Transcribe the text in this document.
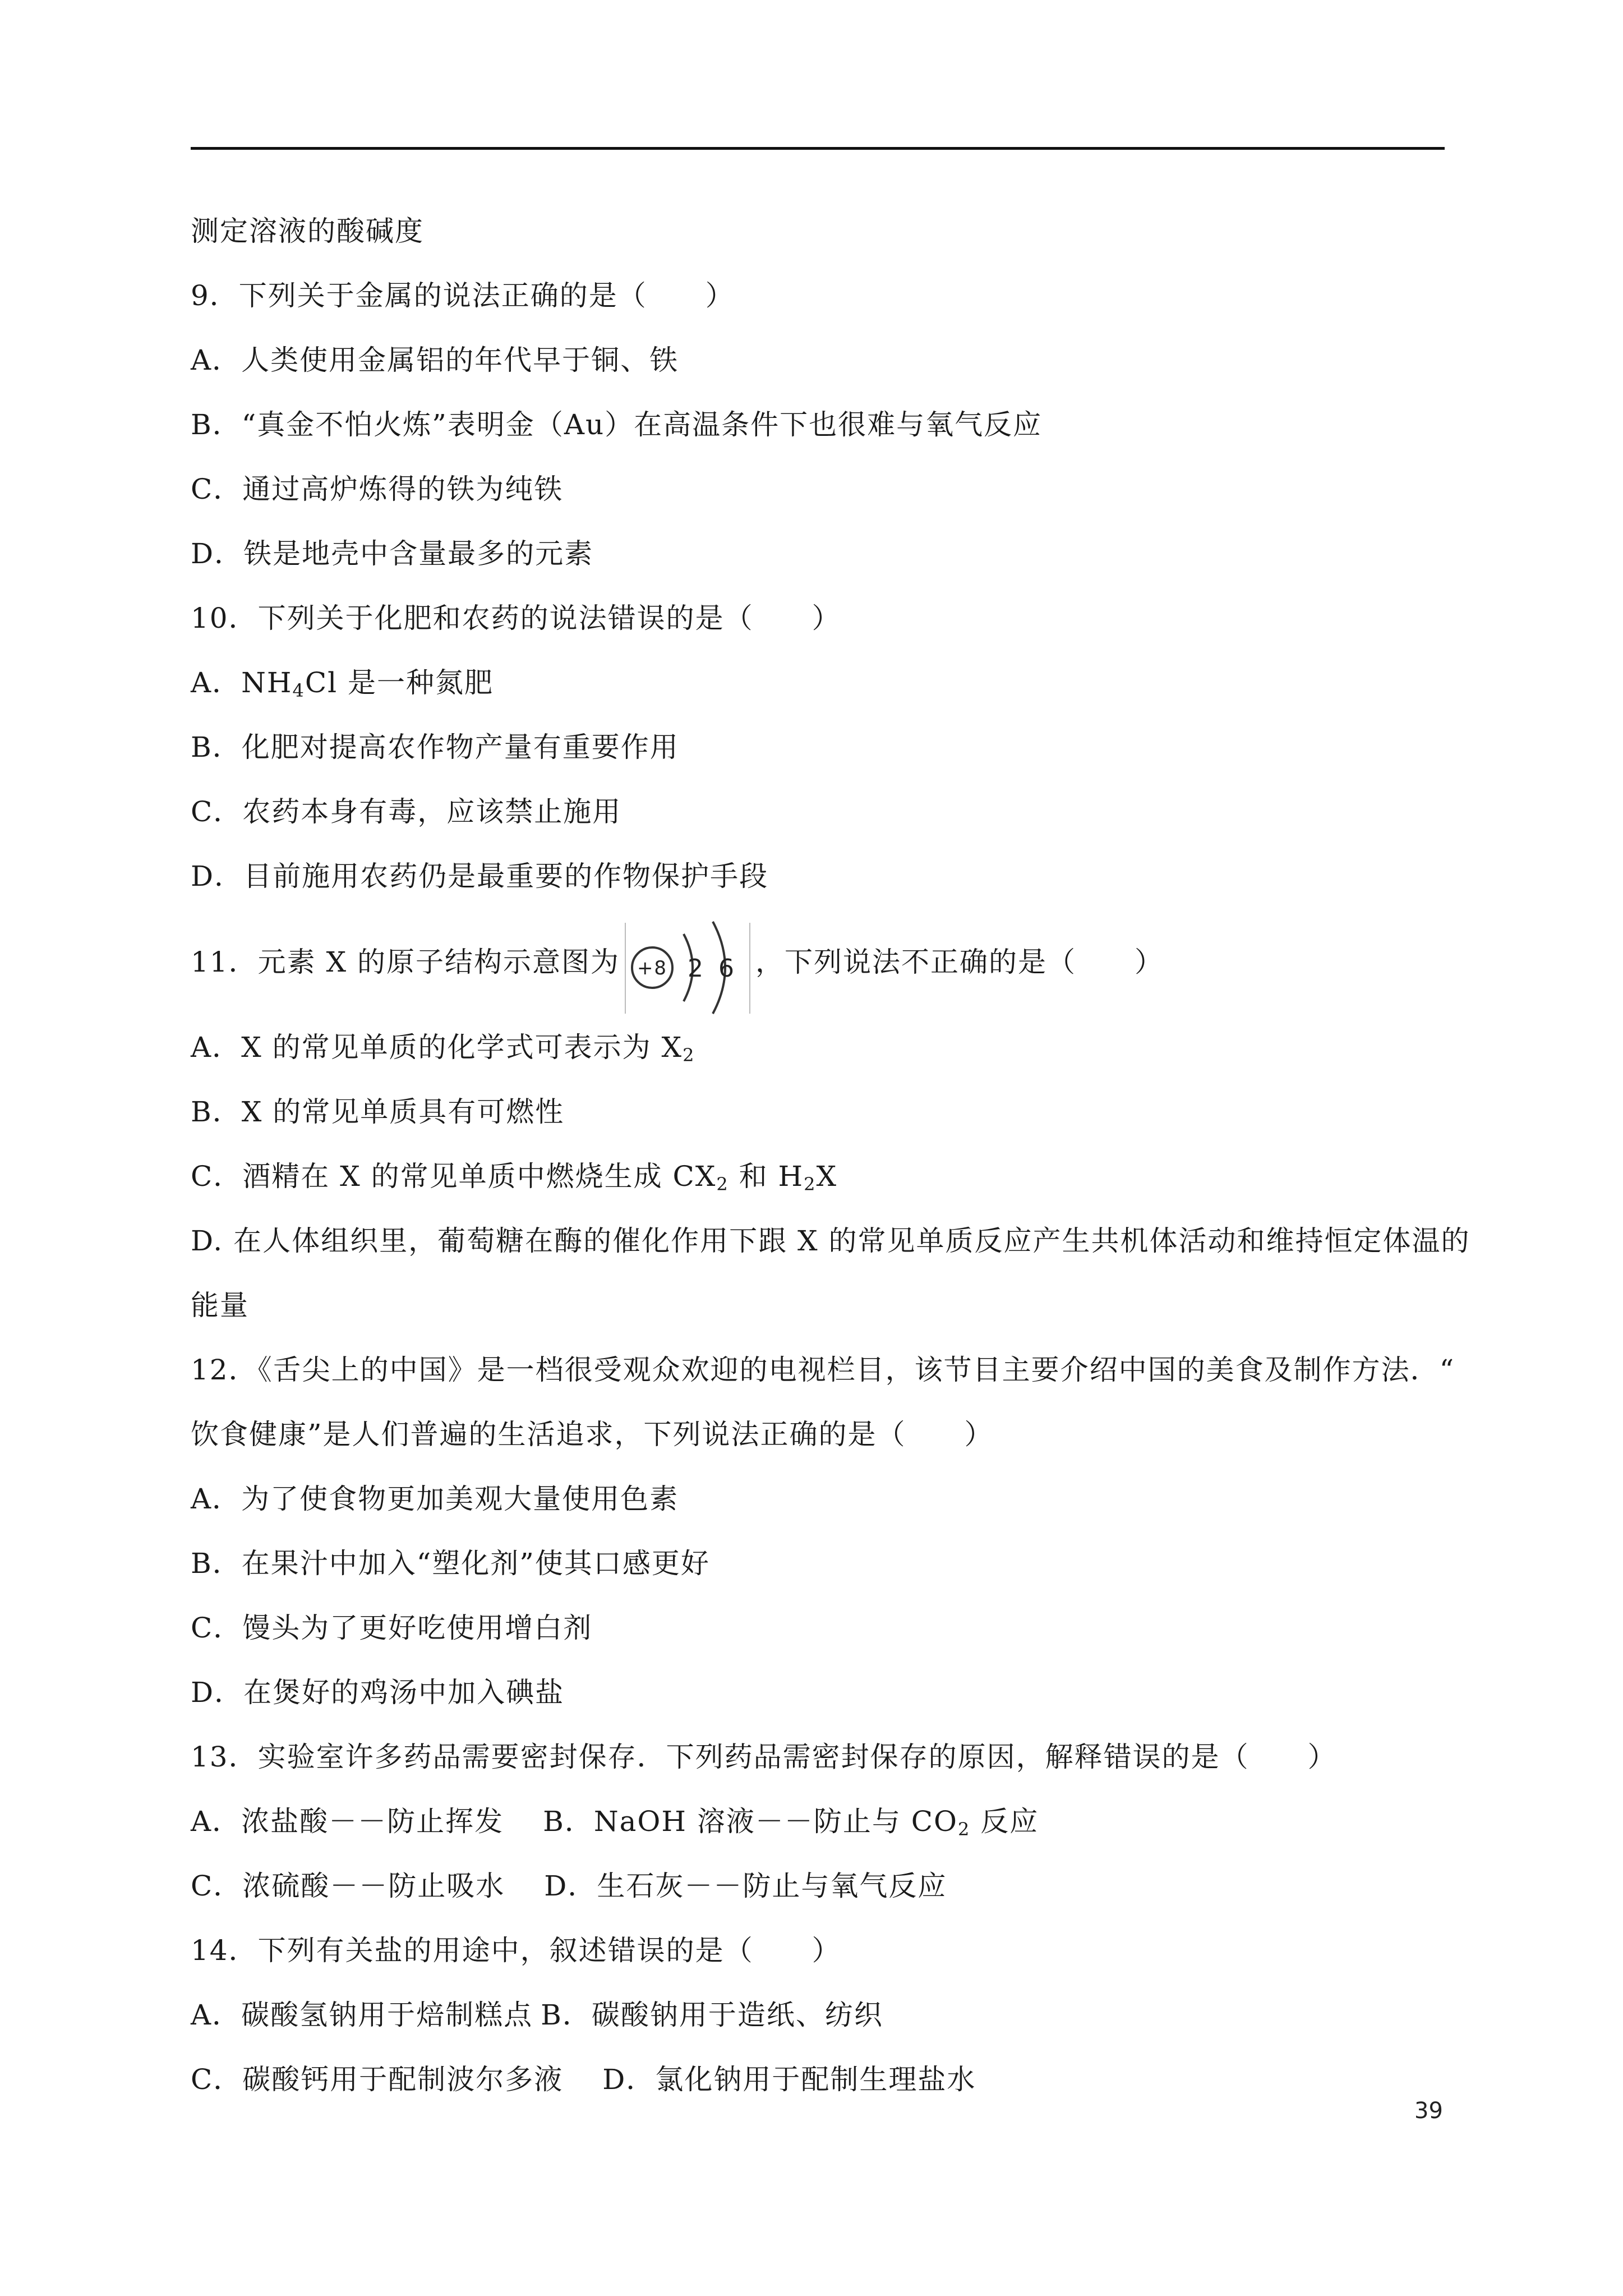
测定溶液的酸碱度
9．下列关于金属的说法正确的是（　　）
A．人类使用金属铝的年代早于铜、铁
B．“真金不怕火炼”表明金（Au）在高温条件下也很难与氧气反应
C．通过高炉炼得的铁为纯铁
D．铁是地壳中含量最多的元素
10．下列关于化肥和农药的说法错误的是（　　）
A．$NH_4Cl$ 是一种氮肥
B．化肥对提高农作物产量有重要作用
C．农药本身有毒，应该禁止施用
D．目前施用农药仍是最重要的作物保护手段
11．元素 X 的原子结构示意图为 +8 2 6 ，下列说法不正确的是（　　）
A．X 的常见单质的化学式可表示为 $X_2$
B．X 的常见单质具有可燃性
C．酒精在 X 的常见单质中燃烧生成 $CX_2$ 和 $H_2X$
D. 在人体组织里，葡萄糖在酶的催化作用下跟 X 的常见单质反应产生共机体活动和维持恒定体温的
能量
12．《舌尖上的中国》是一档很受观众欢迎的电视栏目，该节目主要介绍中国的美食及制作方法．“
饮食健康”是人们普遍的生活追求，下列说法正确的是（　　）
A．为了使食物更加美观大量使用色素
B．在果汁中加入“塑化剂”使其口感更好
C．馒头为了更好吃使用增白剂
D．在煲好的鸡汤中加入碘盐
13．实验室许多药品需要密封保存．下列药品需密封保存的原因，解释错误的是（　　）
A．浓盐酸－－防止挥发 B．NaOH 溶液－－防止与 $CO_2$ 反应
C．浓硫酸－－防止吸水 D．生石灰－－防止与氧气反应
14．下列有关盐的用途中，叙述错误的是（　　）
A．碳酸氢钠用于焙制糕点 B．碳酸钠用于造纸、纺织
C．碳酸钙用于配制波尔多液 D．氯化钠用于配制生理盐水
39
